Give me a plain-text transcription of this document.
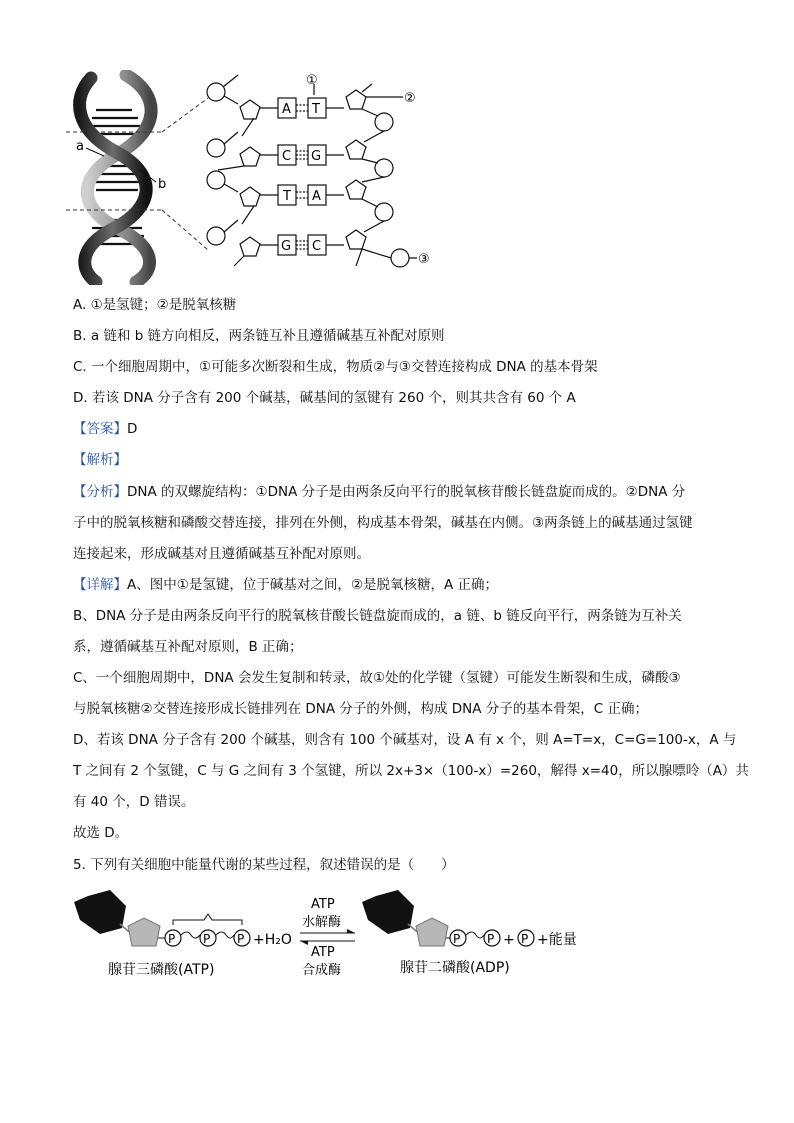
a
b
A T
C G
T A
G C
①
②
③
A. ①是氢键；②是脱氧核糖
B. a 链和 b 链方向相反，两条链互补且遵循碱基互补配对原则
C. 一个细胞周期中，①可能多次断裂和生成，物质②与③交替连接构成 DNA 的基本骨架
D. 若该 DNA 分子含有 200 个碱基，碱基间的氢键有 260 个，则其共含有 60 个 A
【答案】D
【解析】
【分析】DNA 的双螺旋结构：①DNA 分子是由两条反向平行的脱氧核苷酸长链盘旋而成的。②DNA 分
子中的脱氧核糖和磷酸交替连接，排列在外侧，构成基本骨架，碱基在内侧。③两条链上的碱基通过氢键
连接起来，形成碱基对且遵循碱基互补配对原则。
【详解】A、图中①是氢键，位于碱基对之间，②是脱氧核糖，A 正确；
B、DNA 分子是由两条反向平行的脱氧核苷酸长链盘旋而成的，a 链、b 链反向平行，两条链为互补关
系，遵循碱基互补配对原则，B 正确；
C、一个细胞周期中，DNA 会发生复制和转录，故①处的化学键（氢键）可能发生断裂和生成，磷酸③
与脱氧核糖②交替连接形成长链排列在 DNA 分子的外侧，构成 DNA 分子的基本骨架，C 正确；
D、若该 DNA 分子含有 200 个碱基，则含有 100 个碱基对，设 A 有 x 个，则 A=T=x，C=G=100-x，A 与
T 之间有 2 个氢键，C 与 G 之间有 3 个氢键，所以 2x+3×（100-x）=260，解得 x=40，所以腺嘌呤（A）共
有 40 个，D 错误。
故选 D。
5. 下列有关细胞中能量代谢的某些过程，叙述错误的是（　　）
P P P +H₂O
ATP
水解酶
ATP
合成酶
P P + P +能量
腺苷三磷酸(ATP)	腺苷二磷酸(ADP)
